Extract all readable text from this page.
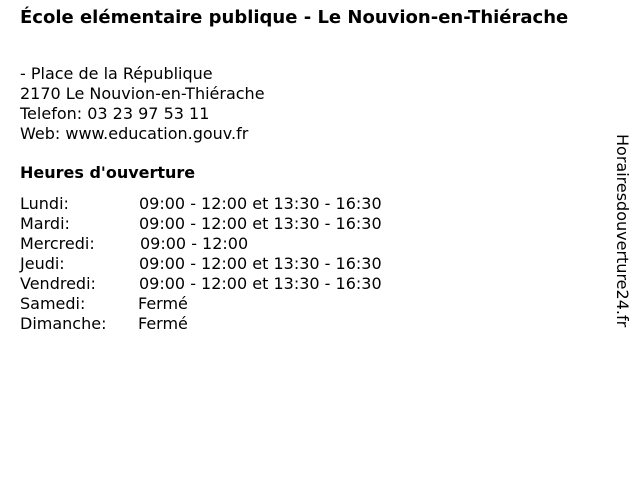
École elémentaire publique - Le Nouvion-en-Thiérache
- Place de la République
2170 Le Nouvion-en-Thiérache
Telefon: 03 23 97 53 11
Web: www.education.gouv.fr
Heures d'ouverture
Lundi:	09:00 - 12:00 et 13:30 - 16:30
Mardi:	09:00 - 12:00 et 13:30 - 16:30
Mercredi:	09:00 - 12:00
Jeudi:	09:00 - 12:00 et 13:30 - 16:30
Vendredi:	09:00 - 12:00 et 13:30 - 16:30
Samedi:	Fermé
Dimanche: Fermé	Horairesdouverture24.fr
